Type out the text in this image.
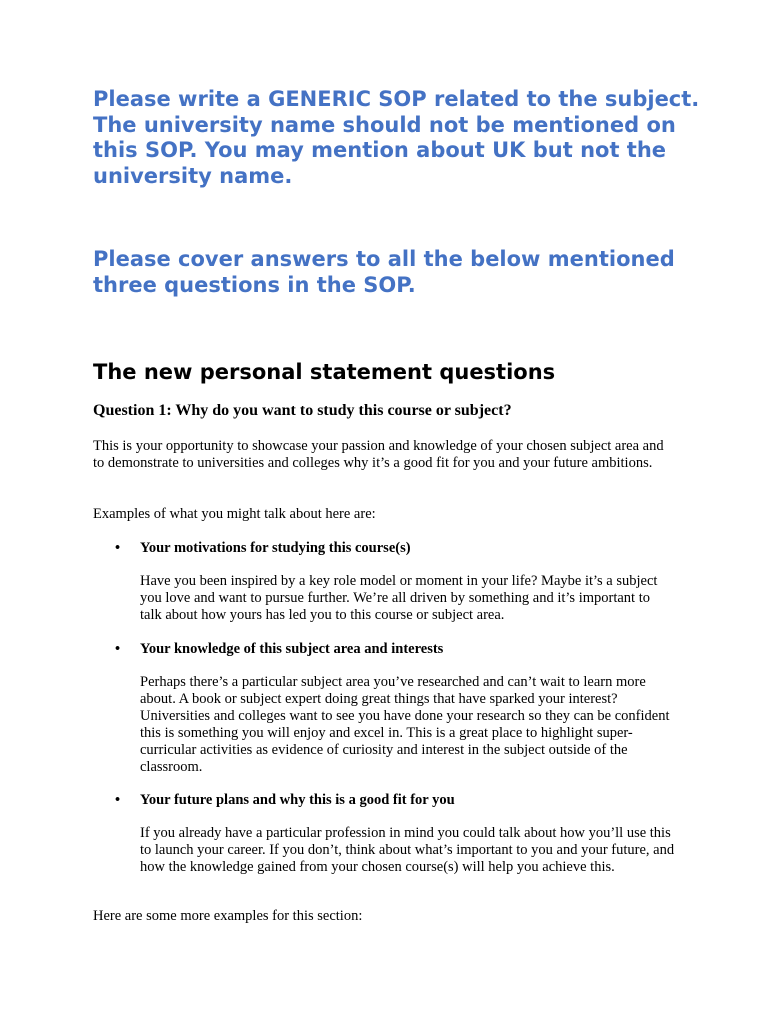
Please write a GENERIC SOP related to the subject. The university name should not be mentioned on this SOP. You may mention about UK but not the university name.
Please cover answers to all the below mentioned three questions in the SOP.
The new personal statement questions
Question 1: Why do you want to study this course or subject?
This is your opportunity to showcase your passion and knowledge of your chosen subject area and to demonstrate to universities and colleges why it’s a good fit for you and your future ambitions.
Examples of what you might talk about here are:
•	Your motivations for studying this course(s)
Have you been inspired by a key role model or moment in your life? Maybe it’s a subject you love and want to pursue further. We’re all driven by something and it’s important to talk about how yours has led you to this course or subject area.
•	Your knowledge of this subject area and interests
Perhaps there’s a particular subject area you’ve researched and can’t wait to learn more about. A book or subject expert doing great things that have sparked your interest? Universities and colleges want to see you have done your research so they can be confident this is something you will enjoy and excel in. This is a great place to highlight super-curricular activities as evidence of curiosity and interest in the subject outside of the classroom.
•	Your future plans and why this is a good fit for you
If you already have a particular profession in mind you could talk about how you’ll use this to launch your career. If you don’t, think about what’s important to you and your future, and how the knowledge gained from your chosen course(s) will help you achieve this.
Here are some more examples for this section:
